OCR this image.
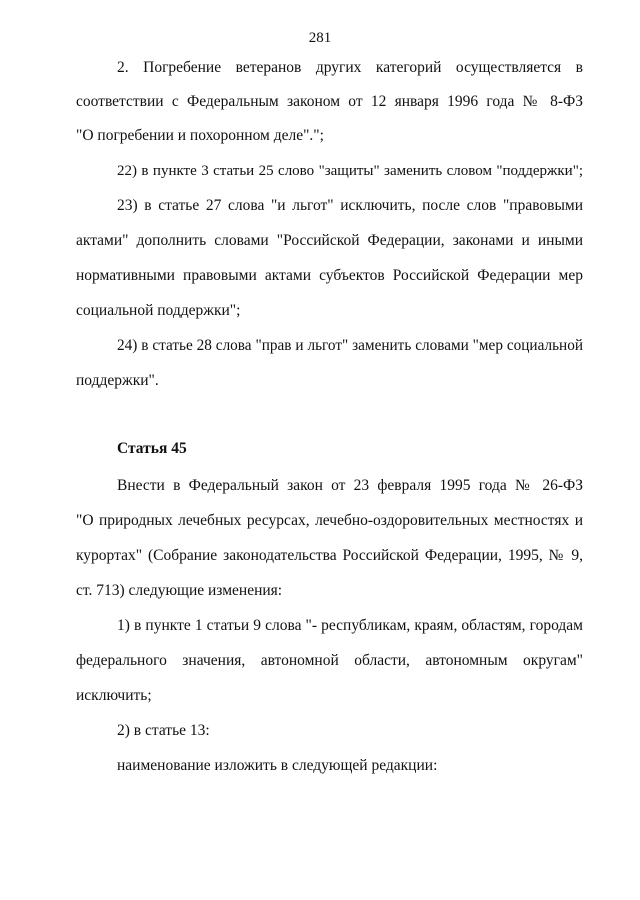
281
2. Погребение ветеранов других категорий осуществляется в
соответствии с Федеральным законом от 12 января 1996 года № 8-ФЗ
"О погребении и похоронном деле".";
22) в пункте 3 статьи 25 слово "защиты" заменить словом "поддержки";
23) в статье 27 слова "и льгот" исключить, после слов "правовыми
актами" дополнить словами "Российской Федерации, законами и иными
нормативными правовыми актами субъектов Российской Федерации мер
социальной поддержки";
24) в статье 28 слова "прав и льгот" заменить словами "мер социальной
поддержки".
Статья 45
Внести в Федеральный закон от 23 февраля 1995 года № 26-ФЗ
"О природных лечебных ресурсах, лечебно-оздоровительных местностях и
курортах" (Собрание законодательства Российской Федерации, 1995, № 9,
ст. 713) следующие изменения:
1) в пункте 1 статьи 9 слова "- республикам, краям, областям, городам
федерального значения, автономной области, автономным округам"
исключить;
2) в статье 13:
наименование изложить в следующей редакции:
